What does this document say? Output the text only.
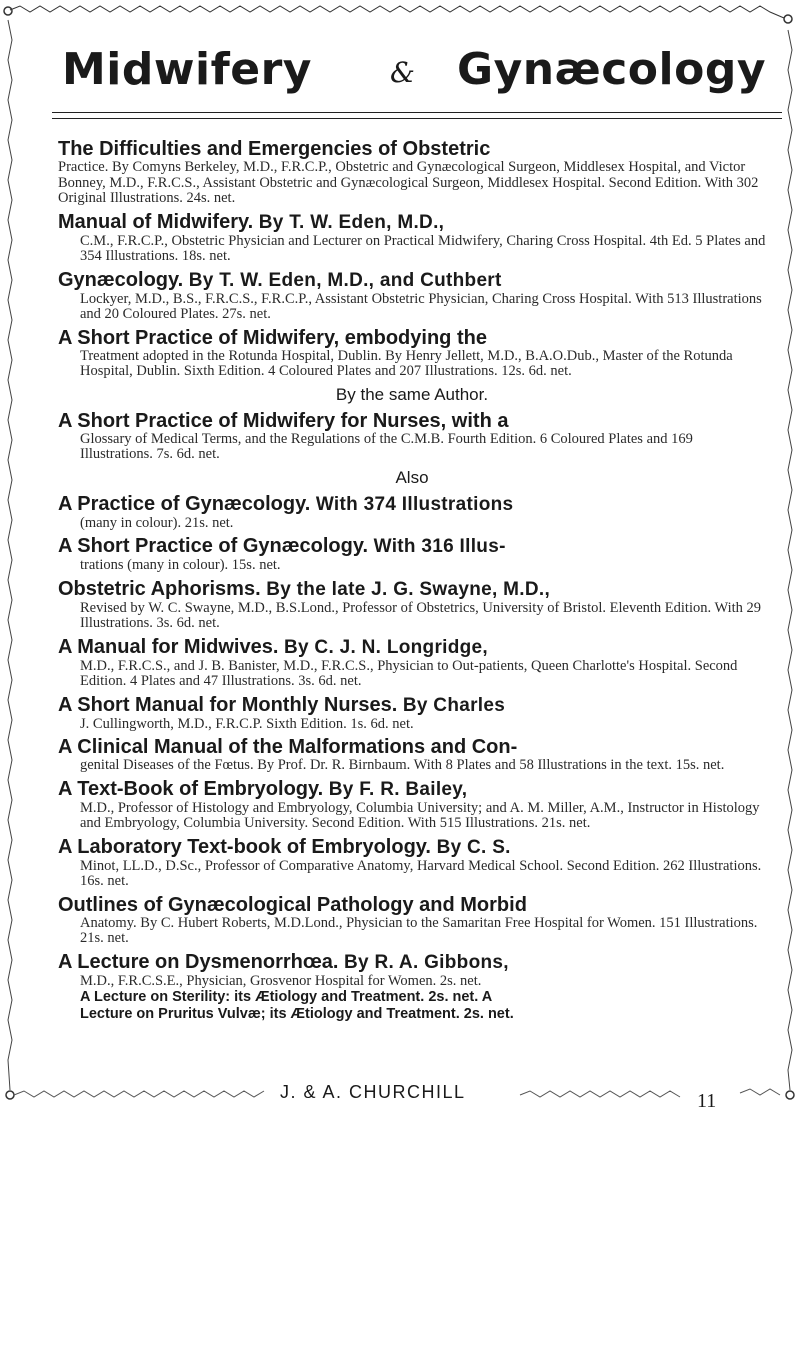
Midwifery	& Gynæcology
The Difficulties and Emergencies of Obstetric
Practice. By Comyns Berkeley, M.D., F.R.C.P., Obstetric and Gynæcological Surgeon, Middlesex Hospital, and Victor Bonney, M.D., F.R.C.S., Assistant Obstetric and Gynæcological Surgeon, Middlesex Hospital. Second Edition. With 302 Original Illustrations. 24s. net.
Manual of Midwifery. By T. W. Eden, M.D.,
C.M., F.R.C.P., Obstetric Physician and Lecturer on Practical Midwifery, Charing Cross Hospital. 4th Ed. 5 Plates and 354 Illustrations. 18s. net.
Gynæcology. By T. W. Eden, M.D., and Cuthbert
Lockyer, M.D., B.S., F.R.C.S., F.R.C.P., Assistant Obstetric Physician, Charing Cross Hospital. With 513 Illustrations and 20 Coloured Plates. 27s. net.
A Short Practice of Midwifery, embodying the
Treatment adopted in the Rotunda Hospital, Dublin. By Henry Jellett, M.D., B.A.O.Dub., Master of the Rotunda Hospital, Dublin. Sixth Edition. 4 Coloured Plates and 207 Illustrations. 12s. 6d. net.
By the same Author.
A Short Practice of Midwifery for Nurses, with a
Glossary of Medical Terms, and the Regulations of the C.M.B. Fourth Edition. 6 Coloured Plates and 169 Illustrations. 7s. 6d. net.
Also
A Practice of Gynæcology. With 374 Illustrations
(many in colour). 21s. net.
A Short Practice of Gynæcology. With 316 Illus-
trations (many in colour). 15s. net.
Obstetric Aphorisms. By the late J. G. Swayne, M.D.,
Revised by W. C. Swayne, M.D., B.S.Lond., Professor of Obstetrics, University of Bristol. Eleventh Edition. With 29 Illustrations. 3s. 6d. net.
A Manual for Midwives. By C. J. N. Longridge,
M.D., F.R.C.S., and J. B. Banister, M.D., F.R.C.S., Physician to Out-patients, Queen Charlotte's Hospital. Second Edition. 4 Plates and 47 Illustrations. 3s. 6d. net.
A Short Manual for Monthly Nurses. By Charles
J. Cullingworth, M.D., F.R.C.P. Sixth Edition. 1s. 6d. net.
A Clinical Manual of the Malformations and Con-
genital Diseases of the Fœtus. By Prof. Dr. R. Birnbaum. With 8 Plates and 58 Illustrations in the text. 15s. net.
A Text-Book of Embryology. By F. R. Bailey,
M.D., Professor of Histology and Embryology, Columbia University; and A. M. Miller, A.M., Instructor in Histology and Embryology, Columbia University. Second Edition. With 515 Illustrations. 21s. net.
A Laboratory Text-book of Embryology. By C. S.
Minot, LL.D., D.Sc., Professor of Comparative Anatomy, Harvard Medical School. Second Edition. 262 Illustrations. 16s. net.
Outlines of Gynæcological Pathology and Morbid
Anatomy. By C. Hubert Roberts, M.D.Lond., Physician to the Samaritan Free Hospital for Women. 151 Illustrations. 21s. net.
A Lecture on Dysmenorrhœa. By R. A. Gibbons,
M.D., F.R.C.S.E., Physician, Grosvenor Hospital for Women. 2s. net.
A Lecture on Sterility: its Ætiology and Treatment. 2s. net. A
Lecture on Pruritus Vulvæ; its Ætiology and Treatment. 2s. net.
J. & A. CHURCHILL	11
